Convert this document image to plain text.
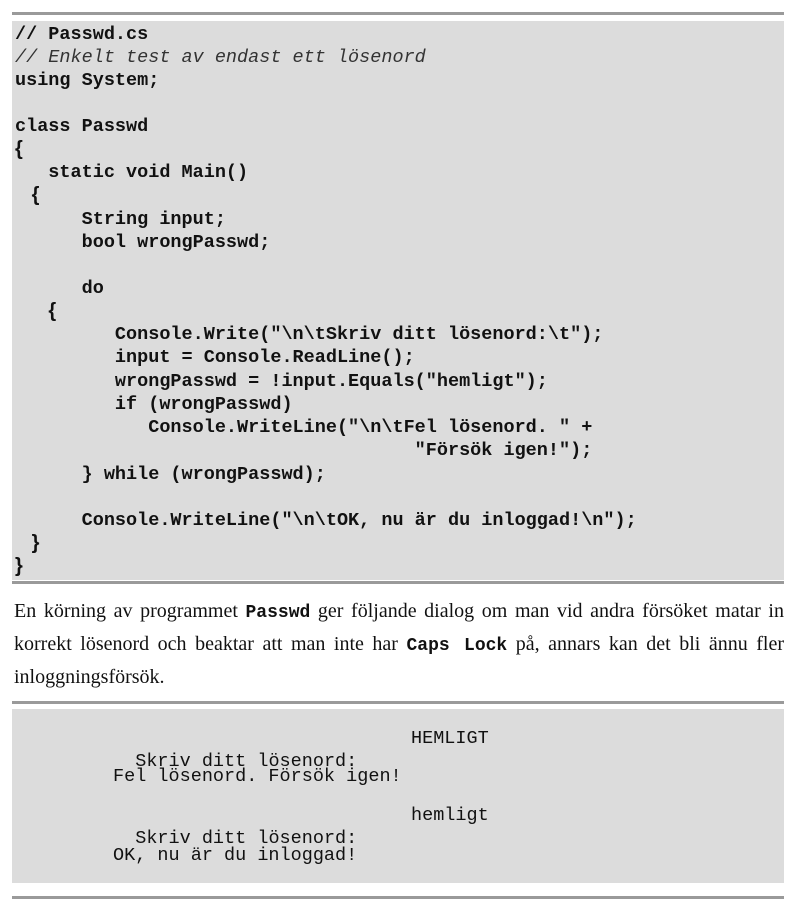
// Passwd.cs
// Enkelt test av endast ett lösenord
using System;
class Passwd
{
static void Main()
{
String input;
bool wrongPasswd;
do
{
Console.Write("\n\tSkriv ditt lösenord:\t");
input = Console.ReadLine();
wrongPasswd = !input.Equals("hemligt");
if (wrongPasswd)
Console.WriteLine("\n\tFel lösenord. " +
"Försök igen!");
} while (wrongPasswd);
Console.WriteLine("\n\tOK, nu är du inloggad!\n");
}
}
En körning av programmet Passwd ger följande dialog om man vid andra försöket matar in korrekt lösenord och beaktar att man inte har Caps Lock på, annars kan det bli ännu fler inloggningsförsök.

Skriv ditt lösenord:

HEMLIGT
Fel lösenord. Försök igen!

Skriv ditt lösenord:

hemligt
OK, nu är du inloggad!
